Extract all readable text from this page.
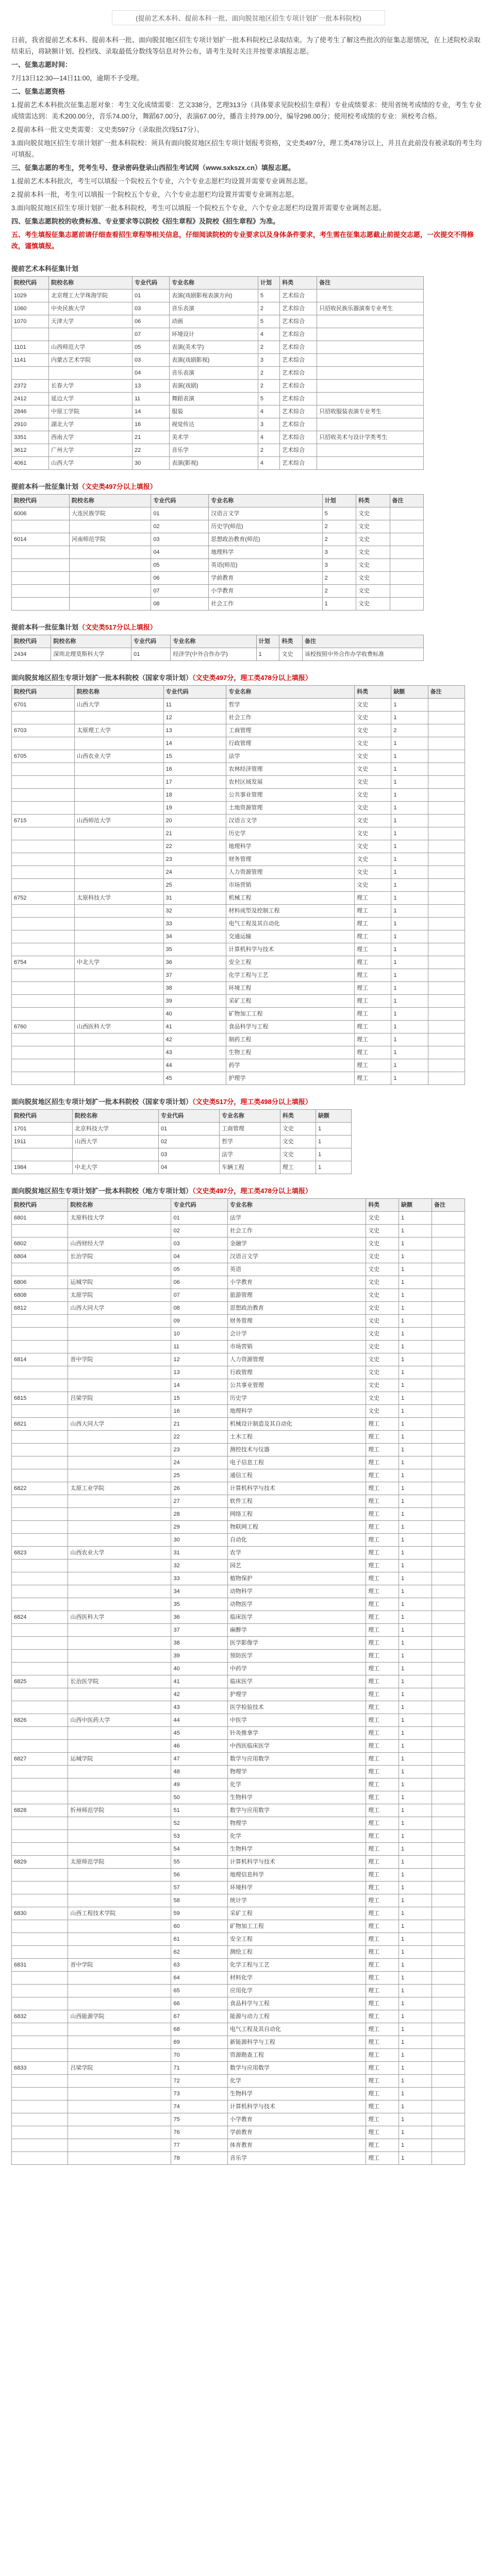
(提前艺术本科、提前本科一批、面向脱贫地区招生专项计划扩一批本科院校)
日前，我省提前艺术本科、提前本科一批、面向脱贫地区招生专项计划扩一批本科院校已录取结束。为了使考生了解这些批次的征集志愿情况，在上述院校录取结束后，将缺额计划、投档线、录取最低分数线等信息对外公布，请考生及时关注并按要求填报志愿。
一、征集志愿时间：
7月13日12:30—14日11:00，逾期不予受理。
二、征集志愿资格
1.提前艺术本科批次征集志愿对象：考生文化成绩需要：艺文338分，艺理313分（具体要求见院校招生章程）专业成绩要求：使用省统考成绩的专业，考生专业成绩需达到：美术200.00分，音乐74.00分，舞蹈67.00分，表演67.00分，播音主持79.00分，编导298.00分；使用校考成绩的专业：须校考合格。
2.提前本科一批文史类需要：文史类597分（录取批次线517分）。
3.面向脱贫地区招生专项计划扩一批本科院校：须具有面向脱贫地区招生专项计划报考资格，文史类497分，理工类478分以上，并且在此前没有被录取的考生均可填报。
三、征集志愿的考生，凭考生号、登录密码登录山西招生考试网（www.sxkszx.cn）填报志愿。
1.提前艺术本科批次，考生可以填报一个院校五个专业，六个专业志愿栏均设置并需要专业调剂志愿。
2.提前本科一批，考生可以填报一个院校五个专业，六个专业志愿栏均设置并需要专业调剂志愿。
3.面向脱贫地区招生专项计划扩一批本科院校，考生可以填报一个院校五个专业，六个专业志愿栏均设置并需要专业调剂志愿。
四、征集志愿院校的收费标准、专业要求等以院校《招生章程》及院校《招生章程》为准。
五、考生填报征集志愿前请仔细查看招生章程等相关信息，仔细阅读院校的专业要求以及身体条件要求，考生需在征集志愿截止前提交志愿，一次提交不得修改，谨慎填报。
提前艺术本科征集计划
院校代码	院校名称	专业代码	专业名称	计划	科类	备注
1029	北京理工大学珠海学院	01	表演(戏剧影视表演方向)	5	艺术综合	
1060	中央民族大学	03	音乐表演	2	艺术综合	只招收民族乐器演奏专业考生
1070	天津大学	06	动画	5	艺术综合	
		07	环境设计	4	艺术综合	
1101	山西师范大学	05	表演(美术学)	2	艺术综合	
1141	内蒙古艺术学院	03	表演(戏剧影视)	3	艺术综合	
		04	音乐表演	2	艺术综合	
2372	长春大学	13	表演(戏剧)	2	艺术综合	
2412	延边大学	11	舞蹈表演	5	艺术综合	
2846	中原工学院	14	服装	4	艺术综合	只招收服装表演专业考生
2910	湖北大学	16	视觉传达	3	艺术综合	
3351	西南大学	21	美术学	4	艺术综合	只招收美术与设计学类考生
3612	广州大学	22	音乐学	2	艺术综合	
4061	山西大学	30	表演(影视)	4	艺术综合	
提前本科一批征集计划（文史类497分以上填报）
院校代码	院校名称	专业代码	专业名称	计划	科类	备注
6006	大连民族学院	01	汉语言文学	5	文史	
		02	历史学(师范)	2	文史	
6014	河南师范学院	03	思想政治教育(师范)	2	文史	
		04	地理科学	3	文史	
		05	英语(师范)	3	文史	
		06	学前教育	2	文史	
		07	小学教育	2	文史	
		08	社会工作	1	文史	
提前本科一批征集计划（文史类517分以上填报）
院校代码	院校名称	专业代码	专业名称	计划	科类	备注
2434	深圳北理莫斯科大学	01	经济学(中外合作办学)	1	文史	该校按照中外合作办学收费标准
面向脱贫地区招生专项计划扩一批本科院校（国家专项计划）（文史类497分，理工类478分以上填报）
院校代码	院校名称	专业代码	专业名称	科类	缺额	备注
6701	山西大学	11	哲学	文史	1	
		12	社会工作	文史	1	
6703	太原理工大学	13	工商管理	文史	2	
		14	行政管理	文史	1	
6705	山西农业大学	15	法学	文史	1	
		16	农林经济管理	文史	1	
		17	农村区域发展	文史	1	
		18	公共事业管理	文史	1	
		19	土地资源管理	文史	1	
6715	山西师范大学	20	汉语言文学	文史	1	
		21	历史学	文史	1	
		22	地理科学	文史	1	
		23	财务管理	文史	1	
		24	人力资源管理	文史	1	
		25	市场营销	文史	1	
6752	太原科技大学	31	机械工程	理工	1	
		32	材料成型及控制工程	理工	1	
		33	电气工程及其自动化	理工	1	
		34	交通运输	理工	1	
		35	计算机科学与技术	理工	1	
6754	中北大学	36	安全工程	理工	1	
		37	化学工程与工艺	理工	1	
		38	环境工程	理工	1	
		39	采矿工程	理工	1	
		40	矿物加工工程	理工	1	
6760	山西医科大学	41	食品科学与工程	理工	1	
		42	制药工程	理工	1	
		43	生物工程	理工	1	
		44	药学	理工	1	
		45	护理学	理工	1	
面向脱贫地区招生专项计划扩一批本科院校（国家专项计划）（文史类517分，理工类498分以上填报）
院校代码	院校名称	专业代码	专业名称	科类	缺额
1701	北京科技大学	01	工商管理	文史	1
1911	山西大学	02	哲学	文史	1
		03	法学	文史	1
1984	中北大学	04	车辆工程	理工	1
面向脱贫地区招生专项计划扩一批本科院校（地方专项计划）（文史类497分，理工类478分以上填报）
院校代码	院校名称	专业代码	专业名称	科类	缺额	备注
6801	太原科技大学	01	法学	文史	1	
		02	社会工作	文史	1	
6802	山西财经大学	03	金融学	文史	1	
6804	长治学院	04	汉语言文学	文史	1	
		05	英语	文史	1	
6806	运城学院	06	小学教育	文史	1	
6808	太原学院	07	旅游管理	文史	1	
6812	山西大同大学	08	思想政治教育	文史	1	
		09	财务管理	文史	1	
		10	会计学	文史	1	
		11	市场营销	文史	1	
6814	晋中学院	12	人力资源管理	文史	1	
		13	行政管理	文史	1	
		14	公共事业管理	文史	1	
6815	吕梁学院	15	历史学	文史	1	
		16	地理科学	文史	1	
6821	山西大同大学	21	机械设计制造及其自动化	理工	1	
		22	土木工程	理工	1	
		23	测控技术与仪器	理工	1	
		24	电子信息工程	理工	1	
		25	通信工程	理工	1	
6822	太原工业学院	26	计算机科学与技术	理工	1	
		27	软件工程	理工	1	
		28	网络工程	理工	1	
		29	物联网工程	理工	1	
		30	自动化	理工	1	
6823	山西农业大学	31	农学	理工	1	
		32	园艺	理工	1	
		33	植物保护	理工	1	
		34	动物科学	理工	1	
		35	动物医学	理工	1	
6824	山西医科大学	36	临床医学	理工	1	
		37	麻醉学	理工	1	
		38	医学影像学	理工	1	
		39	预防医学	理工	1	
		40	中药学	理工	1	
6825	长治医学院	41	临床医学	理工	1	
		42	护理学	理工	1	
		43	医学检验技术	理工	1	
6826	山西中医药大学	44	中医学	理工	1	
		45	针灸推拿学	理工	1	
		46	中西医临床医学	理工	1	
6827	运城学院	47	数学与应用数学	理工	1	
		48	物理学	理工	1	
		49	化学	理工	1	
		50	生物科学	理工	1	
6828	忻州师范学院	51	数学与应用数学	理工	1	
		52	物理学	理工	1	
		53	化学	理工	1	
		54	生物科学	理工	1	
6829	太原师范学院	55	计算机科学与技术	理工	1	
		56	地理信息科学	理工	1	
		57	环境科学	理工	1	
		58	统计学	理工	1	
6830	山西工程技术学院	59	采矿工程	理工	1	
		60	矿物加工工程	理工	1	
		61	安全工程	理工	1	
		62	测绘工程	理工	1	
6831	晋中学院	63	化学工程与工艺	理工	1	
		64	材料化学	理工	1	
		65	应用化学	理工	1	
		66	食品科学与工程	理工	1	
6832	山西能源学院	67	能源与动力工程	理工	1	
		68	电气工程及其自动化	理工	1	
		69	新能源科学与工程	理工	1	
		70	资源勘查工程	理工	1	
6833	吕梁学院	71	数学与应用数学	理工	1	
		72	化学	理工	1	
		73	生物科学	理工	1	
		74	计算机科学与技术	理工	1	
		75	小学教育	理工	1	
		76	学前教育	理工	1	
		77	体育教育	理工	1	
		78	音乐学	理工	1	
